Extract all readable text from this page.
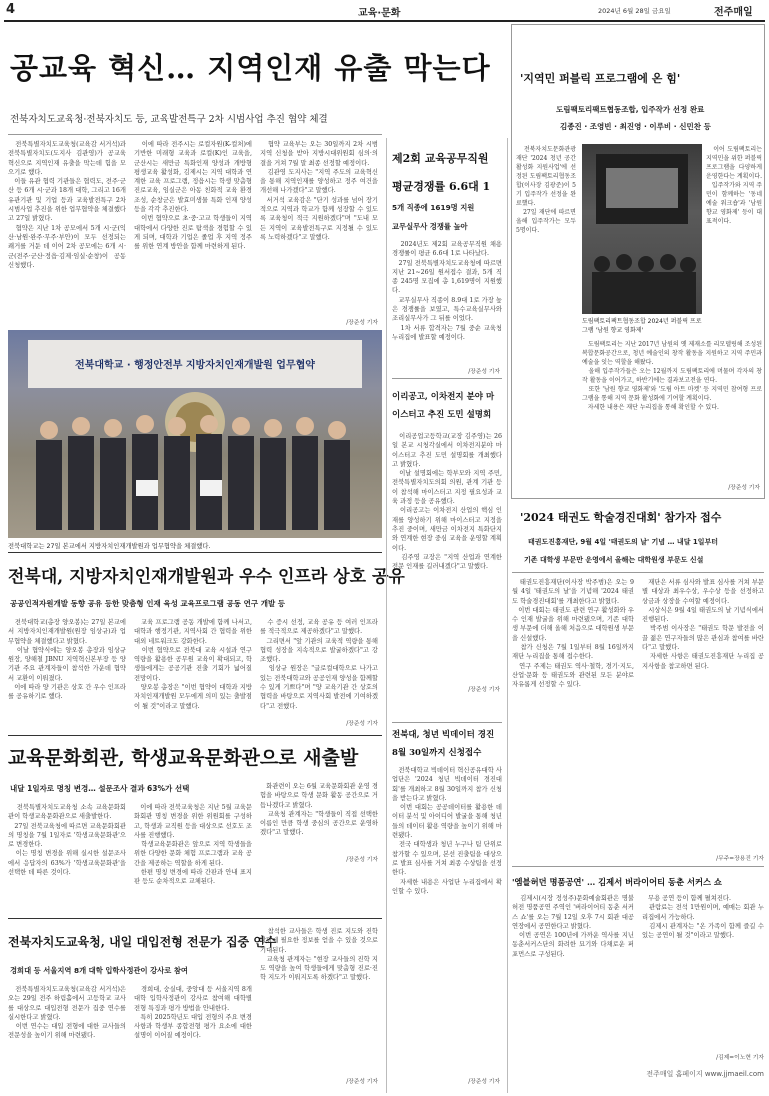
4	교육·문화	2024년 6월 28일 금요일	전주매일
공교육 혁신… 지역인재 유출 막는다
전북자치도교육청·전북자치도 등, 교육발전특구 2차 시범사업 추진 협약 체결
전북특별자치도교육청(교육감 서거석)과 전북특별자치도(도지사 김관영)가 공교육 혁신으로 지역인재 유출을 막는데 힘을 모으기로 했다.
이들 유관 협력 기관들은 협력도, 전주·군산 등 6개 시·군과 18개 대학, 그리고 16개 유관기관 및 기업 등과 교육발전특구 2차 시범사업 추진을 위한 업무협약을 체결했다고 27일 밝혔다.
협약은 지난 1차 공모에서 5개 시·군(익산·남원·완주·무주·부안)이 모두 선정되는 쾌거를 거둔 데 이어 2차 공모에는 6개 시·군(전주·군산·정읍·김제·임실·순창)이 공동 신청했다.
이에 따라 전주시는 로컬자원(K-컬처)에 기반한 미래형 교육과 로컬(K)인 교육을, 군산시는 새만금 특화인재 양성과 개방형 평생교육 활성화, 김제시는 지역 대학과 연계한 교육 프로그램, 정읍시는 학생 맞춤형 진로교육, 임실군은 아동 친화적 교육 환경 조성, 순창군은 발효미생물 특화 인재 양성 등을 각각 추진한다.
이번 협약으로 초·중·고교 학생들이 지역 대학에서 다양한 진로 탐색을 경험할 수 있게 되며, 대학과 기업은 졸업 후 지역 정주를 위한 연계 방안을 함께 마련하게 된다.
협약 교육부는 오는 30일까지 2차 시범지역 신청을 받아 지방시대위원회 심의·의결을 거쳐 7월 말 최종 선정할 예정이다.
김관영 도지사는 "지역 주도의 교육혁신을 통해 지역인재를 양성하고 정주 여건을 개선해 나가겠다"고 말했다.
서거석 교육감은 "단기 성과를 넘어 장기적으로 지역과 학교가 함께 성장할 수 있도록 교육청이 적극 지원하겠다"며 "도내 모든 지역이 교육발전특구로 지정될 수 있도록 노력하겠다"고 말했다.
/장준성 기자
전북대학교 · 행정안전부 지방자치인재개발원 업무협약
전북대학교는 27일 본교에서 지방자치인재개발원과 업무협약을 체결했다.
전북대, 지방자치인재개발원과 우수 인프라 상호 공유
공공인적자원개발 동향 공유 등한 맞춤형 인재 육성 교육프로그램 공동 연구 개발 등
전북대학교(총장 양오봉)는 27일 본교에서 지방자치인재개발원(원장 임상규)과 업무협약을 체결했다고 밝혔다.
이날 협약식에는 양오봉 총장과 임상규 원장, 양해철 JBNU 지역혁신본부장 등 양 기관 주요 관계자들이 참석한 가운데 협약서 교환이 이뤄졌다.
이에 따라 양 기관은 상호 간 우수 인프라를 공유하기로 했다.
교육 프로그램 공동 개발에 함께 나서고, 대학과 행정기관, 지역사회 간 협력을 위한 대외 네트워크도 강화한다.
이번 협약으로 전북대 교육 시설과 연구 역량을 활용한 공무원 교육이 확대되고, 학생들에게는 공공기관 진출 기회가 넓어질 전망이다.
양오봉 총장은 "이번 협약이 대학과 지방자치인재개발원 모두에게 의미 있는 출발점이 될 것"이라고 말했다.
수 증시 선정, 교육 공유 등 여러 인프라를 적극적으로 제공하겠다"고 말했다.
그리면서 "앞 기관의 교육적 역량을 통해 협력 성장을 지속적으로 발굴하겠다"고 강조했다.
임상규 원장은 "글로컬대학으로 나가고 있는 전북대학교와 공공인재 양성을 함께할 수 있게 기쁘다"며 "양 교육기관 간 상호의 협력을 바탕으로 지역사회 발전에 기여하겠다"고 전했다.
/장준성 기자
교육문화회관, 학생교육문화관으로 새출발
내달 1일자로 명칭 변경… 설문조사 결과 63%가 선택
전북특별자치도교육청 소속 교육문화회관이 학생교육문화관으로 새출발한다.
27일 전북교육청에 따르면 교육문화회관의 명칭을 7월 1일자로 '학생교육문화관'으로 변경한다.
이는 명칭 변경을 위해 실시한 설문조사에서 응답자의 63%가 '학생교육문화관'을 선택한 데 따른 것이다.
이에 따라 전북교육청은 지난 5월 교육문화회관 명칭 변경을 위한 위원회를 구성하고, 학생과 교직원 등을 대상으로 선호도 조사를 진행했다.
학생교육문화관은 앞으로 지역 학생들을 위한 다양한 문화 체험 프로그램과 교육 공간을 제공하는 역할을 하게 된다.
한편 명칭 변경에 따라 간판과 안내 표지판 등도 순차적으로 교체된다.
화관련이 오는 6월 교육문화회관 운영 경험을 바탕으로 학생 문화 활동 공간으로 거듭나겠다고 밝혔다.
교육청 관계자는 "학생들이 직접 선택한 이름인 만큼 학생 중심의 공간으로 운영하겠다"고 말했다.
/장준성 기자
전북자치도교육청, 내일 대입전형 전문가 집중 연수
경희대 등 서울지역 8개 대학 입학사정관이 강사로 참여
전북특별자치도교육청(교육감 서거석)은 오는 29일 전주 하림홀에서 고등학교 교사를 대상으로 대입전형 전문가 집중 연수를 실시한다고 밝혔다.
이번 연수는 대입 전형에 대한 교사들의 전문성을 높이기 위해 마련됐다.
경희대, 숭실대, 중앙대 등 서울지역 8개 대학 입학사정관이 강사로 참여해 대학별 전형 특징과 평가 방법을 안내한다.
특히 2025학년도 대입 전형의 주요 변경 사항과 학생부 종합전형 평가 요소에 대한 설명이 이어질 예정이다.
참석한 교사들은 학생 진로 지도와 진학 상담에 필요한 정보를 얻을 수 있을 것으로 기대된다.
교육청 관계자는 "현장 교사들의 진학 지도 역량을 높여 학생들에게 맞춤형 진로·진학 지도가 이뤄지도록 하겠다"고 말했다.
/장준성 기자
제2회 교육공무직원 평균경쟁률 6.6대 1
5개 직종에 1619명 지원
교무실무사 경쟁률 높아
2024년도 제2회 교육공무직원 채용 경쟁률이 평균 6.6대 1로 나타났다.
27일 전북특별자치도교육청에 따르면 지난 21~26일 원서접수 결과, 5개 직종 245명 모집에 총 1,619명이 지원했다.
교무실무사 직종이 8.9대 1로 가장 높은 경쟁률을 보였고, 특수교육실무사와 조리실무사가 그 뒤를 이었다.
1차 서류 합격자는 7월 중순 교육청 누리집에 발표할 예정이다.
/장준성 기자
이리공고, 이차전지 분야 마이스터고 추진 도민 설명회
이리공업고등학교(교장 김주영)는 26일 본교 시청각실에서 이차전지분야 마이스터고 추진 도민 설명회를 개최했다고 밝혔다.
이날 설명회에는 학부모와 지역 주민, 전북특별자치도의회 의원, 관계 기관 등이 참석해 마이스터고 지정 필요성과 교육 과정 등을 공유했다.
이리공고는 이차전지 산업의 핵심 인재를 양성하기 위해 마이스터고 지정을 추진 중이며, 새만금 이차전지 특화단지와 연계한 현장 중심 교육을 운영할 계획이다.
김주영 교장은 "지역 산업과 연계한 전문 인재를 길러내겠다"고 말했다.
/장준성 기자
전북대, 청년 빅데이터 경진 8월 30일까지 신청접수
전북대학교 빅데이터 혁신공유대학 사업단은 '2024 청년 빅데이터 경진대회'를 개최하고 8월 30일까지 참가 신청을 받는다고 밝혔다.
이번 대회는 공공데이터를 활용한 데이터 분석 및 아이디어 발굴을 통해 청년들의 데이터 활용 역량을 높이기 위해 마련됐다.
전국 대학생과 청년 누구나 팀 단위로 참가할 수 있으며, 본선 진출팀을 대상으로 발표 심사를 거쳐 최종 수상팀을 선정한다.
자세한 내용은 사업단 누리집에서 확인할 수 있다.
/장준성 기자
'지역민 퍼블릭 프로그램에 온 힘'
도림팩토리팩트협동조합, 입주작가 선정 완료
김종진 · 조영빈 · 최진영 · 이루비 · 신민찬 등
전북자치도문화관광재단 '2024 청년 공간 활성화 지원사업'에 선정된 도림팩토리협동조합(이사장 김광준)이 5기 입주작가 선정을 완료했다.
27일 재단에 따르면 올해 입주작가는 모두 5명이다.
도림팩토리팩트협동조합 2024년 퍼블릭 프로그램 '남원 향교 영화제'
이어 도림팩토리는 지역민을 위한 퍼블릭 프로그램을 다양하게 운영한다는 계획이다.
입주작가와 지역 주민이 함께하는 '동네 예술 워크숍'과 '남원 향교 영화제' 등이 대표적이다.
도림팩토리는 지난 2017년 남원의 옛 제재소를 리모델링해 조성된 복합문화공간으로, 청년 예술인의 창작 활동을 지원하고 지역 주민과 예술을 잇는 역할을 해왔다.
올해 입주작가들은 오는 12월까지 도림팩토리에 머물며 각자의 창작 활동을 이어가고, 하반기에는 결과보고전을 연다.
또한 '남원 향교 영화제'와 '도림 아트 마켓' 등 지역민 참여형 프로그램을 통해 지역 문화 활성화에 기여할 계획이다.
자세한 내용은 재단 누리집을 통해 확인할 수 있다.
/장준성 기자
'2024 태권도 학술경진대회' 참가자 접수
태권도진흥재단, 9월 4일 '태권도의 날' 기념 … 내달 1일부터
기존 대학생 부문만 운영에서 올해는 대학원생 부문도 신설
태권도진흥재단(이사장 박주범)은 오는 9월 4일 '태권도의 날'을 기념해 '2024 태권도 학술경진대회'를 개최한다고 밝혔다.
이번 대회는 태권도 관련 연구 활성화와 우수 인재 발굴을 위해 마련됐으며, 기존 대학생 부문에 더해 올해 처음으로 대학원생 부문을 신설했다.
참가 신청은 7월 1일부터 8월 16일까지 재단 누리집을 통해 접수한다.
연구 주제는 태권도 역사·철학, 경기·지도, 산업·문화 등 태권도와 관련된 모든 분야로 자유롭게 선정할 수 있다.
재단은 서류 심사와 발표 심사를 거쳐 부문별 대상과 최우수상, 우수상 등을 선정하고 상금과 상장을 수여할 예정이다.
시상식은 9월 4일 태권도의 날 기념식에서 진행된다.
박주범 이사장은 "태권도 학문 발전을 이끌 젊은 연구자들의 많은 관심과 참여를 바란다"고 말했다.
자세한 사항은 태권도진흥재단 누리집 공지사항을 참고하면 된다.
/무주=장용진 기자
'엠블허던 명품공연' … 김제서 버라이어티 동춘 서커스 쇼
김제시(시장 정성주)문화예술회관은 명불허전 명품공연 주역인 '버라이어티 동춘 서커스 쇼'를 오는 7월 12일 오후 7시 회관 대공연장에서 공연한다고 밝혔다.
이번 공연은 100년에 가까운 역사를 지닌 동춘서커스단의 화려한 묘기와 다채로운 퍼포먼스로 구성된다.
무용 공연 등이 함께 펼쳐진다.
관람료는 전석 1만원이며, 예매는 회관 누리집에서 가능하다.
김제시 관계자는 "온 가족이 함께 즐길 수 있는 공연이 될 것"이라고 말했다.
/김제=이노현 기자
전주매일 홈페이지 www.jjmaeil.com
